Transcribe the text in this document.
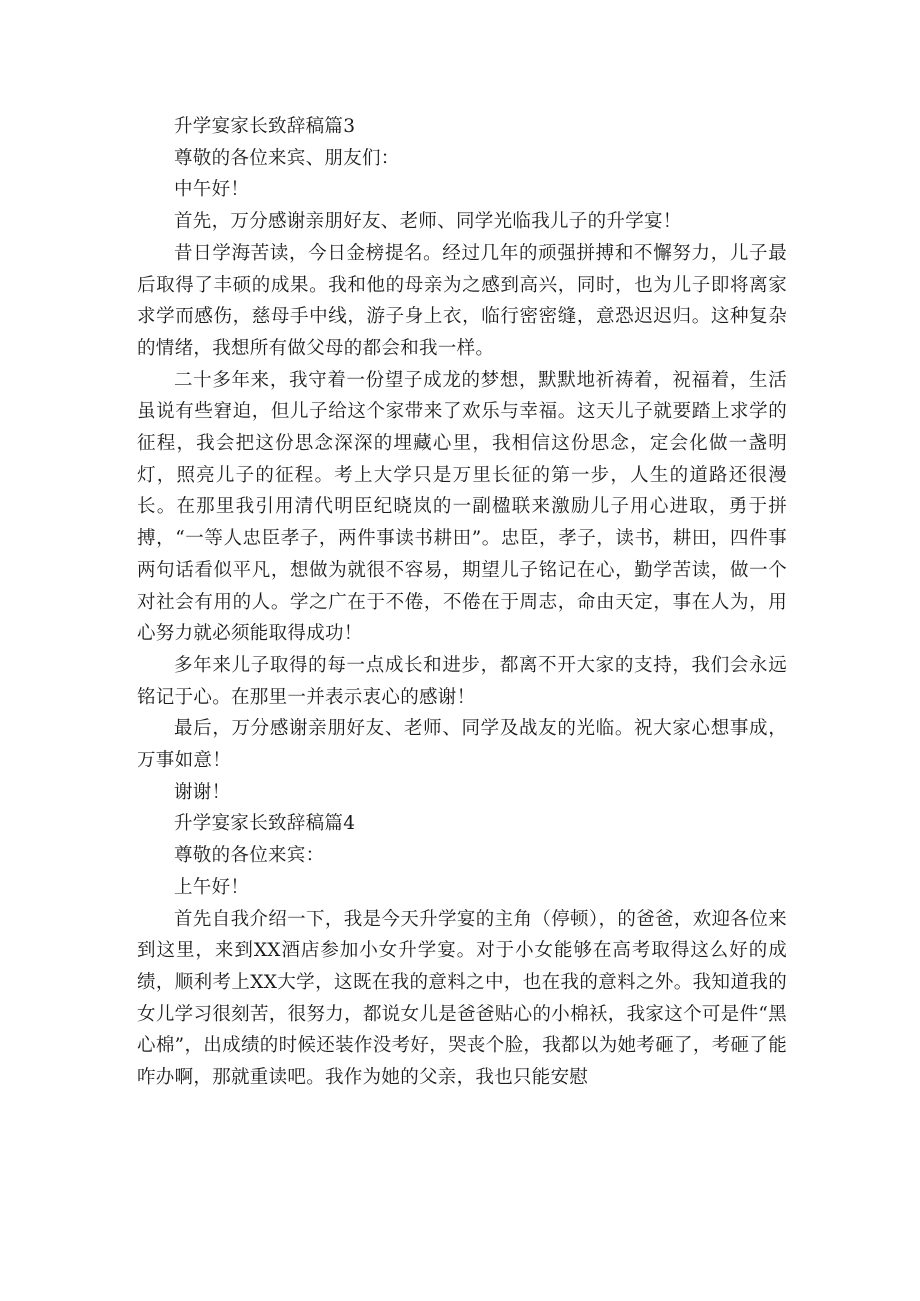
升学宴家长致辞稿篇3

尊敬的各位来宾、朋友们：

中午好！

首先，万分感谢亲朋好友、老师、同学光临我儿子的升学宴！

昔日学海苦读，今日金榜提名。经过几年的顽强拼搏和不懈努力，儿子最后取得了丰硕的成果。我和他的母亲为之感到高兴，同时，也为儿子即将离家求学而感伤，慈母手中线，游子身上衣，临行密密缝，意恐迟迟归。这种复杂的情绪，我想所有做父母的都会和我一样。

二十多年来，我守着一份望子成龙的梦想，默默地祈祷着，祝福着，生活虽说有些窘迫，但儿子给这个家带来了欢乐与幸福。这天儿子就要踏上求学的征程，我会把这份思念深深的埋藏心里，我相信这份思念，定会化做一盏明灯，照亮儿子的征程。考上大学只是万里长征的第一步，人生的道路还很漫长。在那里我引用清代明臣纪晓岚的一副楹联来激励儿子用心进取，勇于拼搏，“一等人忠臣孝子，两件事读书耕田”。忠臣，孝子，读书，耕田，四件事两句话看似平凡，想做为就很不容易，期望儿子铭记在心，勤学苦读，做一个对社会有用的人。学之广在于不倦，不倦在于周志，命由天定，事在人为，用心努力就必须能取得成功！

多年来儿子取得的每一点成长和进步，都离不开大家的支持，我们会永远铭记于心。在那里一并表示衷心的感谢！

最后，万分感谢亲朋好友、老师、同学及战友的光临。祝大家心想事成，万事如意！

谢谢！

升学宴家长致辞稿篇4

尊敬的各位来宾：

上午好！

首先自我介绍一下，我是今天升学宴的主角（停顿），的爸爸，欢迎各位来到这里，来到XX酒店参加小女升学宴。对于小女能够在高考取得这么好的成绩，顺利考上XX大学，这既在我的意料之中，也在我的意料之外。我知道我的女儿学习很刻苦，很努力，都说女儿是爸爸贴心的小棉袄，我家这个可是件“黑心棉”，出成绩的时候还装作没考好，哭丧个脸，我都以为她考砸了，考砸了能咋办啊，那就重读吧。我作为她的父亲，我也只能安慰
